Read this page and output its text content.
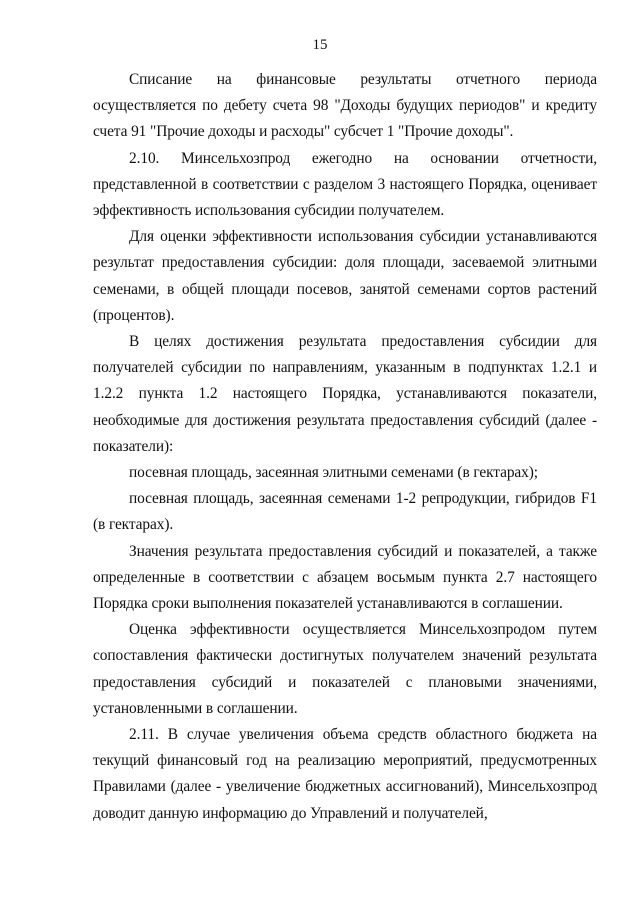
15

Списание на финансовые результаты отчетного периода осуществляется по дебету счета 98 "Доходы будущих периодов" и кредиту счета 91 "Прочие доходы и расходы" субсчет 1 "Прочие доходы".

2.10. Минсельхозпрод ежегодно на основании отчетности, представленной в соответствии с разделом 3 настоящего Порядка, оценивает эффективность использования субсидии получателем.

Для оценки эффективности использования субсидии устанавливаются результат предоставления субсидии: доля площади, засеваемой элитными семенами, в общей площади посевов, занятой семенами сортов растений (процентов).

В целях достижения результата предоставления субсидии для получателей субсидии по направлениям, указанным в подпунктах 1.2.1 и 1.2.2 пункта 1.2 настоящего Порядка, устанавливаются показатели, необходимые для достижения результата предоставления субсидий (далее - показатели):

посевная площадь, засеянная элитными семенами (в гектарах);

посевная площадь, засеянная семенами 1-2 репродукции, гибридов F1 (в гектарах).

Значения результата предоставления субсидий и показателей, а также определенные в соответствии с абзацем восьмым пункта 2.7 настоящего Порядка сроки выполнения показателей устанавливаются в соглашении.

Оценка эффективности осуществляется Минсельхозпродом путем сопоставления фактически достигнутых получателем значений результата предоставления субсидий и показателей с плановыми значениями, установленными в соглашении.

2.11. В случае увеличения объема средств областного бюджета на текущий финансовый год на реализацию мероприятий, предусмотренных Правилами (далее - увеличение бюджетных ассигнований), Минсельхозпрод доводит данную информацию до Управлений и получателей,
